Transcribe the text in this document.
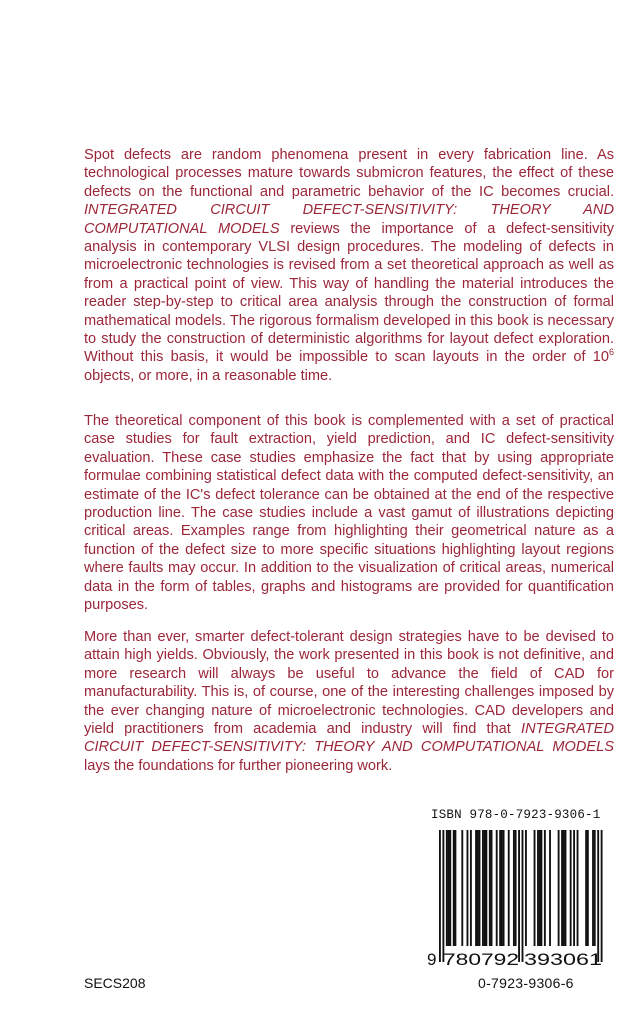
Spot defects are random phenomena present in every fabrication line. As technological processes mature towards submicron features, the effect of these defects on the functional and parametric behavior of the IC becomes crucial. INTEGRATED CIRCUIT DEFECT-SENSITIVITY: THEORY AND COMPUTATIONAL MODELS reviews the importance of a defect-sensitivity analysis in contemporary VLSI design procedures. The modeling of defects in microelectronic technologies is revised from a set theoretical approach as well as from a practical point of view. This way of handling the material introduces the reader step-by-step to critical area analysis through the construction of formal mathematical models. The rigorous formalism developed in this book is necessary to study the construction of deterministic algorithms for layout defect exploration. Without this basis, it would be impossible to scan layouts in the order of $10^6$ objects, or more, in a reasonable time.

The theoretical component of this book is complemented with a set of practical case studies for fault extraction, yield prediction, and IC defect-sensitivity evaluation. These case studies emphasize the fact that by using appropriate formulae combining statistical defect data with the computed defect-sensitivity, an estimate of the IC's defect tolerance can be obtained at the end of the respective production line. The case studies include a vast gamut of illustrations depicting critical areas. Examples range from highlighting their geometrical nature as a function of the defect size to more specific situations highlighting layout regions where faults may occur. In addition to the visualization of critical areas, numerical data in the form of tables, graphs and histograms are provided for quantification purposes.

More than ever, smarter defect-tolerant design strategies have to be devised to attain high yields. Obviously, the work presented in this book is not definitive, and more research will always be useful to advance the field of CAD for manufacturability. This is, of course, one of the interesting challenges imposed by the ever changing nature of microelectronic technologies. CAD developers and yield practitioners from academia and industry will find that INTEGRATED CIRCUIT DEFECT-SENSITIVITY: THEORY AND COMPUTATIONAL MODELS lays the foundations for further pioneering work.

ISBN 978-0-7923-9306-1
9 780792 393061
SECS208	0-7923-9306-6
